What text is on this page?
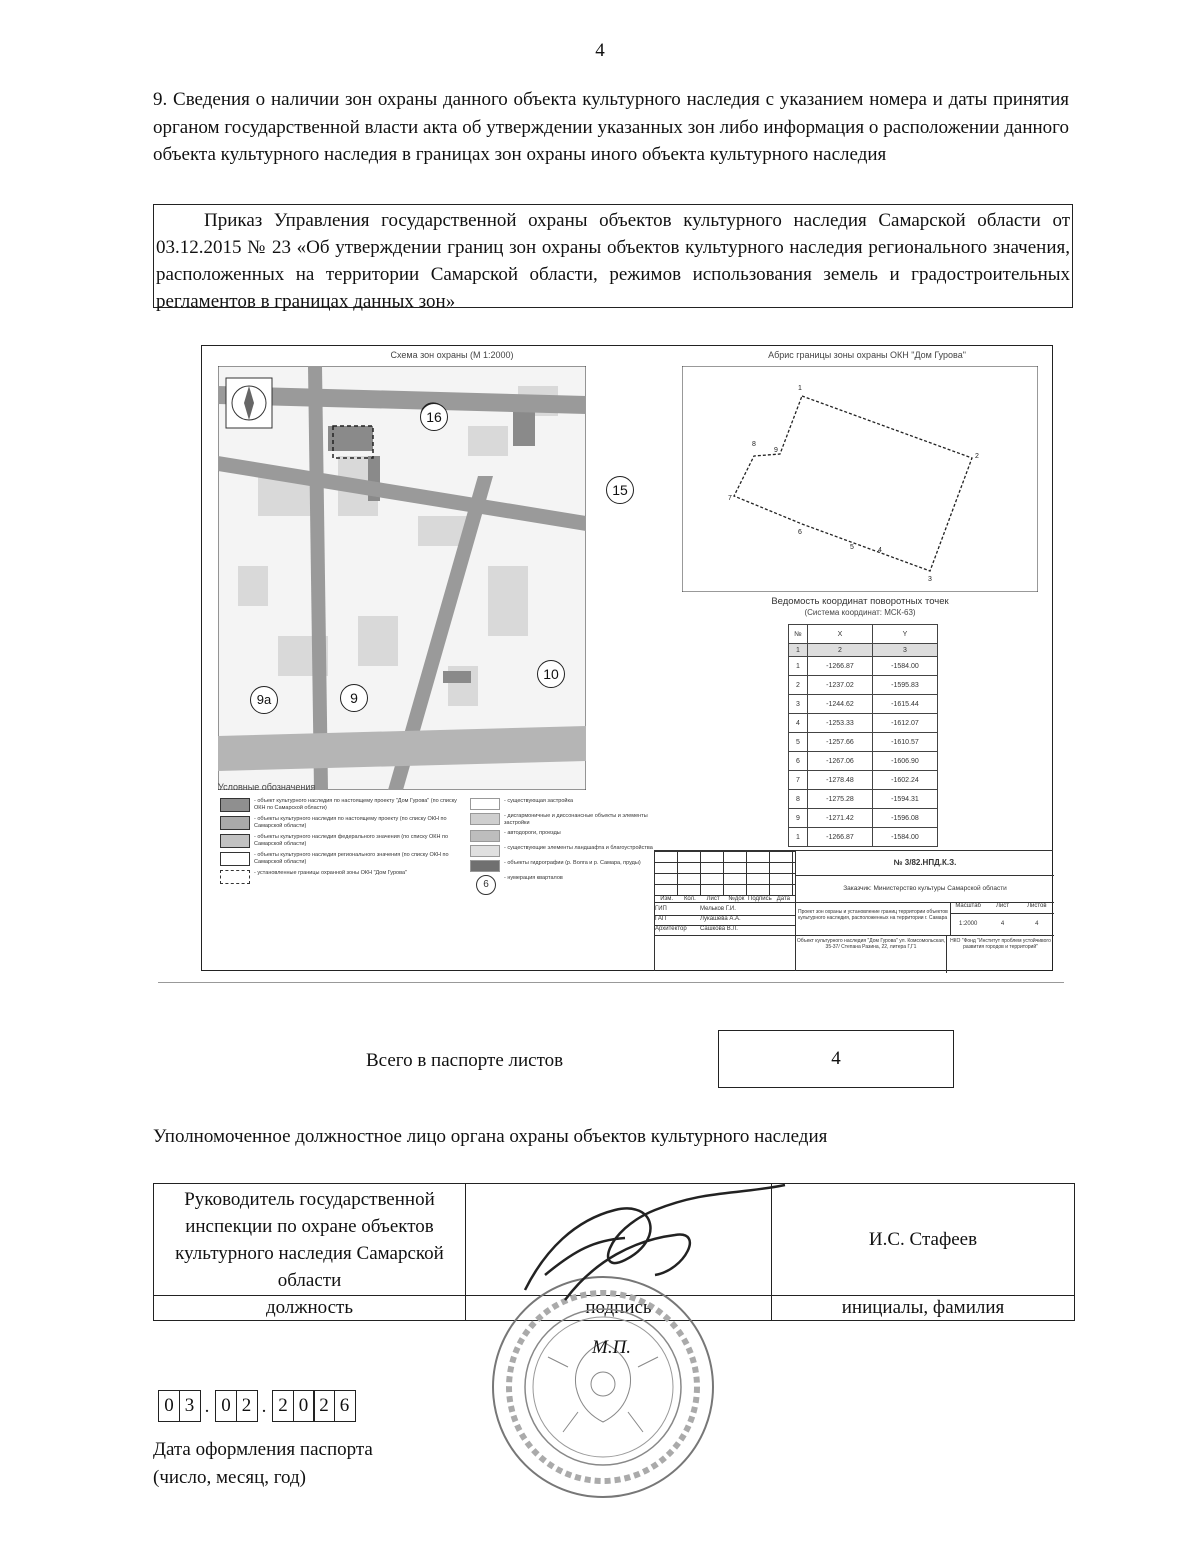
4
9. Сведения о наличии зон охраны данного объекта культурного наследия с указанием номера и даты принятия органом государственной власти акта об утверждении указанных зон либо информация о расположении данного объекта культурного наследия в границах зон охраны иного объекта культурного наследия
Приказ Управления государственной охраны объектов культурного наследия Самарской области от 03.12.2015 № 23 «Об утверждении границ зон охраны объектов культурного наследия регионального значения, расположенных на территории Самарской области, режимов использования земель и градостроительных регламентов в границах данных зон»
Схема зон охраны (М 1:2000)	Абрис границы зоны охраны ОКН "Дом Гурова"
16
15
10
9
9а
1
2
3
4
5
6
7
8
9
Ведомость координат поворотных точек
(Система координат: МСК-63)
№	X	Y
1	2	3
1	-1266.87	-1584.00
2	-1237.02	-1595.83
3	-1244.62	-1615.44
4	-1253.33	-1612.07
5	-1257.66	-1610.57
6	-1267.06	-1606.90
7	-1278.48	-1602.24
8	-1275.28	-1594.31
9	-1271.42	-1596.08
1	-1266.87	-1584.00
Условные обозначения
- объект культурного наследия по настоящему проекту "Дом Гурова" (по списку ОКН по Самарской области)
- объекты культурного наследия по настоящему проекту (по списку ОКН по Самарской области)
- объекты культурного наследия федерального значения (по списку ОКН по Самарской области)
- объекты культурного наследия регионального значения (по списку ОКН по Самарской области)
- установленные границы охранной зоны ОКН "Дом Гурова"
- существующая застройка
- дисгармоничные и диссонансные объекты и элементы застройки
- автодороги, проезды
- существующие элементы ландшафта и благоустройства
- объекты гидрографии (р. Волга и р. Самара, пруды)
6
- нумерация кварталов
Изм.	Кол.	Лист	№док Подпись Дата
ГИП	Мельков Г.И.
ГАП	Лукашева А.А.
Архитектор	Сашкова В.Л.
№ 3/82.НПД.К.З.
Заказчик: Министерство культуры Самарской области
Проект зон охраны и установление границ территории объектов культурного наследия, расположенных на территории г. Самара
Масштаб	Лист	Листов
1:2000	4	4
Объект культурного наследия "Дом Гурова" ул. Комсомольская, 35-37/ Степана Разина, 22, литера Г,Г1
НКО "Фонд "Институт проблем устойчивого развития городов и территорий"
Всего в паспорте листов	4
Уполномоченное должностное лицо органа охраны объектов культурного наследия
Руководитель государственной инспекции по охране объектов культурного наследия Самарской области		И.С. Стафеев
должность	подпись	инициалы, фамилия
М.П.
0 3 . 0 2 . 2 0 2 6
Дата оформления паспорта
(число, месяц, год)
